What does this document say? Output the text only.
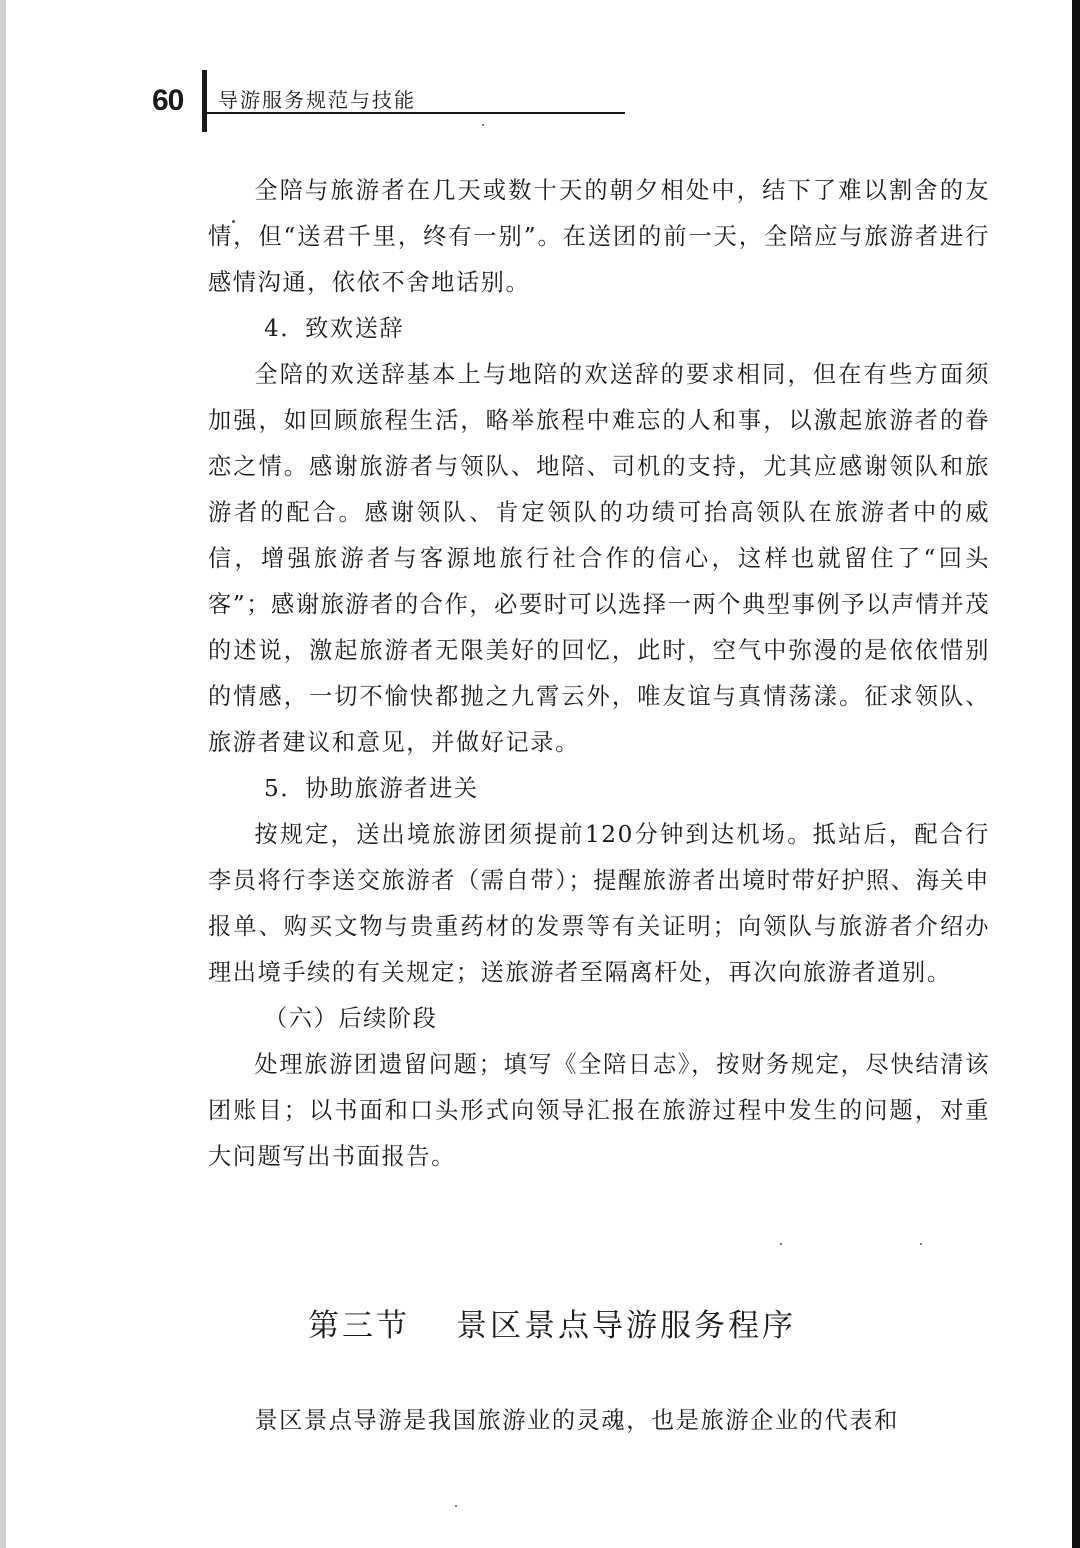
60 导游服务规范与技能

全陪与旅游者在几天或数十天的朝夕相处中，结下了难以割舍的友情，但“送君千里，终有一别”。在送团的前一天，全陪应与旅游者进行感情沟通，依依不舍地话别。

4．致欢送辞

全陪的欢送辞基本上与地陪的欢送辞的要求相同，但在有些方面须加强，如回顾旅程生活，略举旅程中难忘的人和事，以激起旅游者的眷恋之情。感谢旅游者与领队、地陪、司机的支持，尤其应感谢领队和旅游者的配合。感谢领队、肯定领队的功绩可抬高领队在旅游者中的威信，增强旅游者与客源地旅行社合作的信心，这样也就留住了“回头客”；感谢旅游者的合作，必要时可以选择一两个典型事例予以声情并茂的述说，激起旅游者无限美好的回忆，此时，空气中弥漫的是依依惜别的情感，一切不愉快都抛之九霄云外，唯友谊与真情荡漾。征求领队、旅游者建议和意见，并做好记录。

5．协助旅游者进关

按规定，送出境旅游团须提前120分钟到达机场。抵站后，配合行李员将行李送交旅游者（需自带）；提醒旅游者出境时带好护照、海关申报单、购买文物与贵重药材的发票等有关证明；向领队与旅游者介绍办理出境手续的有关规定；送旅游者至隔离杆处，再次向旅游者道别。

（六）后续阶段

处理旅游团遗留问题；填写《全陪日志》，按财务规定，尽快结清该团账目；以书面和口头形式向领导汇报在旅游过程中发生的问题，对重大问题写出书面报告。

第三节 景区景点导游服务程序

景区景点导游是我国旅游业的灵魂，也是旅游企业的代表和
